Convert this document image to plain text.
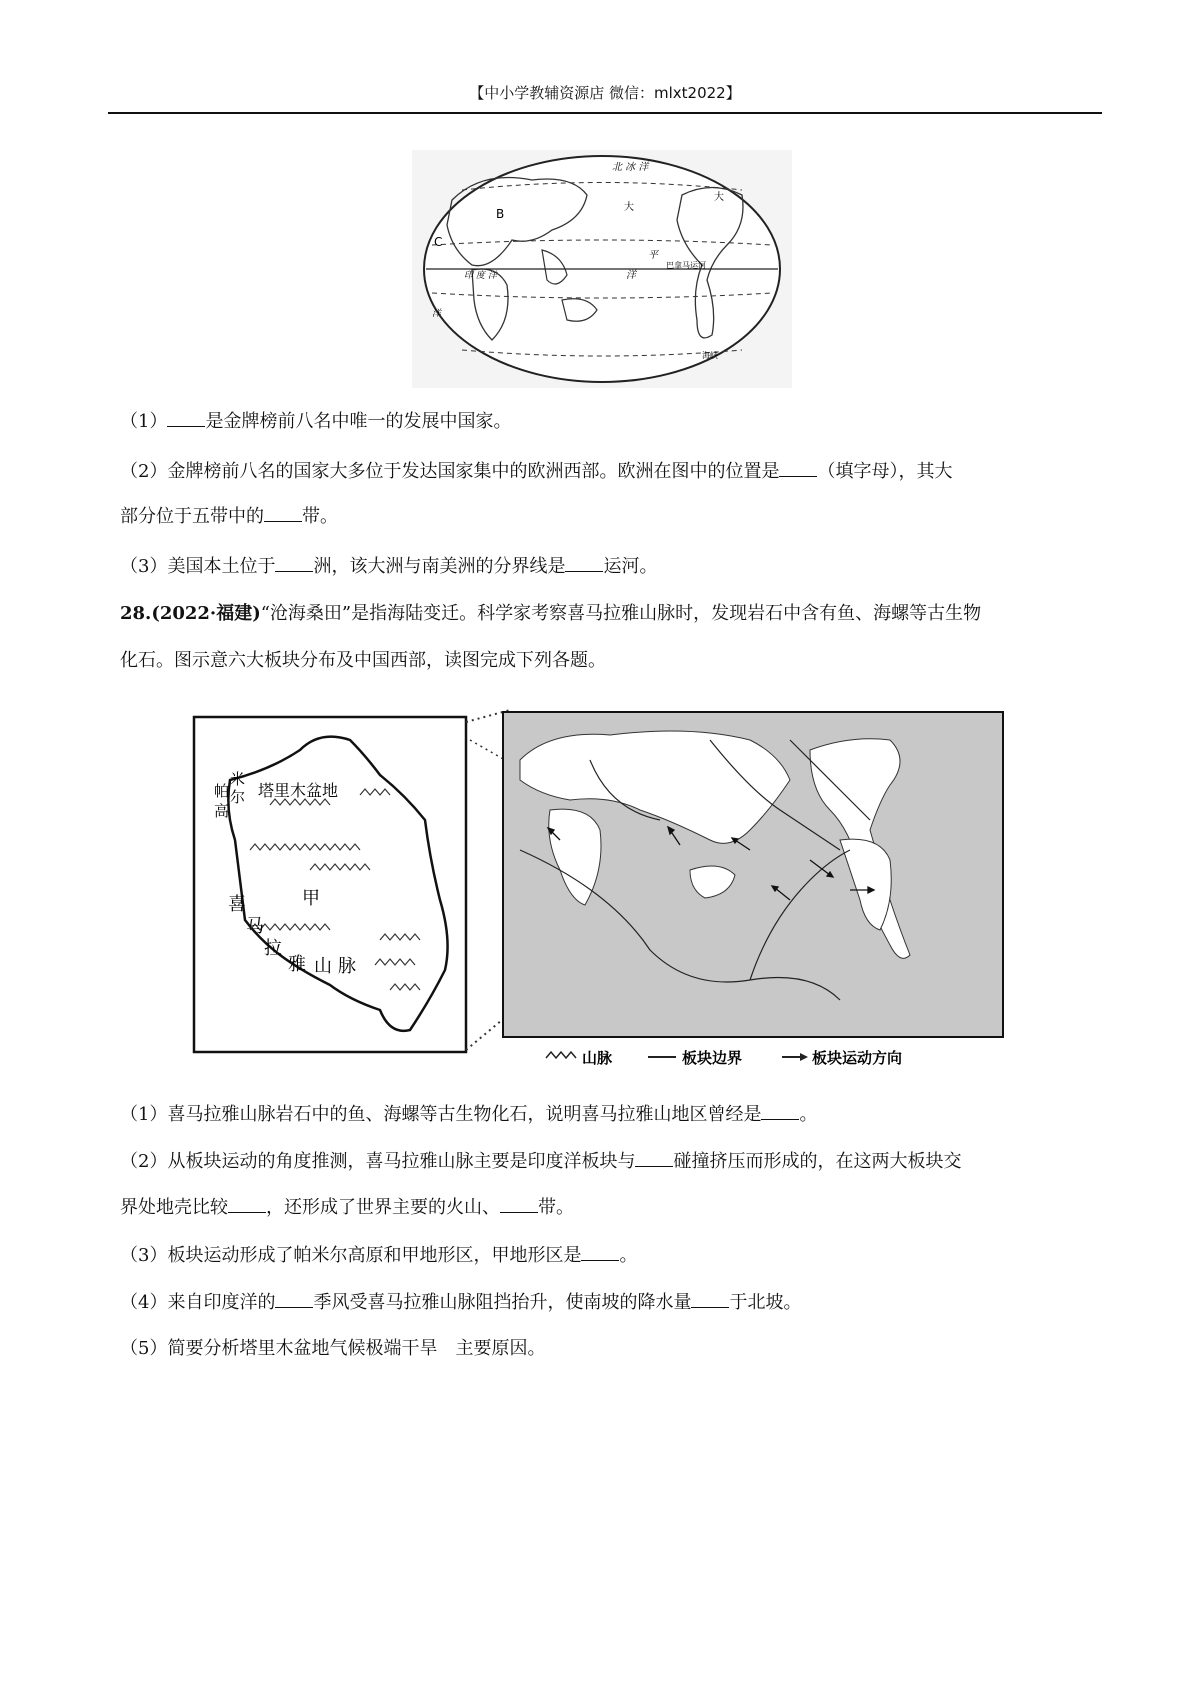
【中小学教辅资源店 微信：mlxt2022】
B
C
北 冰 洋
大
大
平
巴拿马运河
印 度 洋
洋
洋
海峡
（1） 是金牌榜前八名中唯一的发展中国家。
（2）金牌榜前八名的国家大多位于发达国家集中的欧洲西部。欧洲在图中的位置是 （填字母），其大
部分位于五带中的 带。
（3）美国本土位于 洲，该大洲与南美洲的分界线是 运河。
28.(2022·福建)“沧海桑田”是指海陆变迁。科学家考察喜马拉雅山脉时，发现岩石中含有鱼、海螺等古生物
化石。图示意六大板块分布及中国西部，读图完成下列各题。
塔里木盆地
帕
米
尔
高
甲
喜
马
拉
雅 山 脉
山脉	板块边界	板块运动方向
（1）喜马拉雅山脉岩石中的鱼、海螺等古生物化石，说明喜马拉雅山地区曾经是 。
（2）从板块运动的角度推测，喜马拉雅山脉主要是印度洋板块与 碰撞挤压而形成的，在这两大板块交
界处地壳比较 ，还形成了世界主要的火山、 带。
（3）板块运动形成了帕米尔高原和甲地形区，甲地形区是 。
（4）来自印度洋的 季风受喜马拉雅山脉阻挡抬升，使南坡的降水量 于北坡。
（5）简要分析塔里木盆地气候极端干旱　主要原因。
